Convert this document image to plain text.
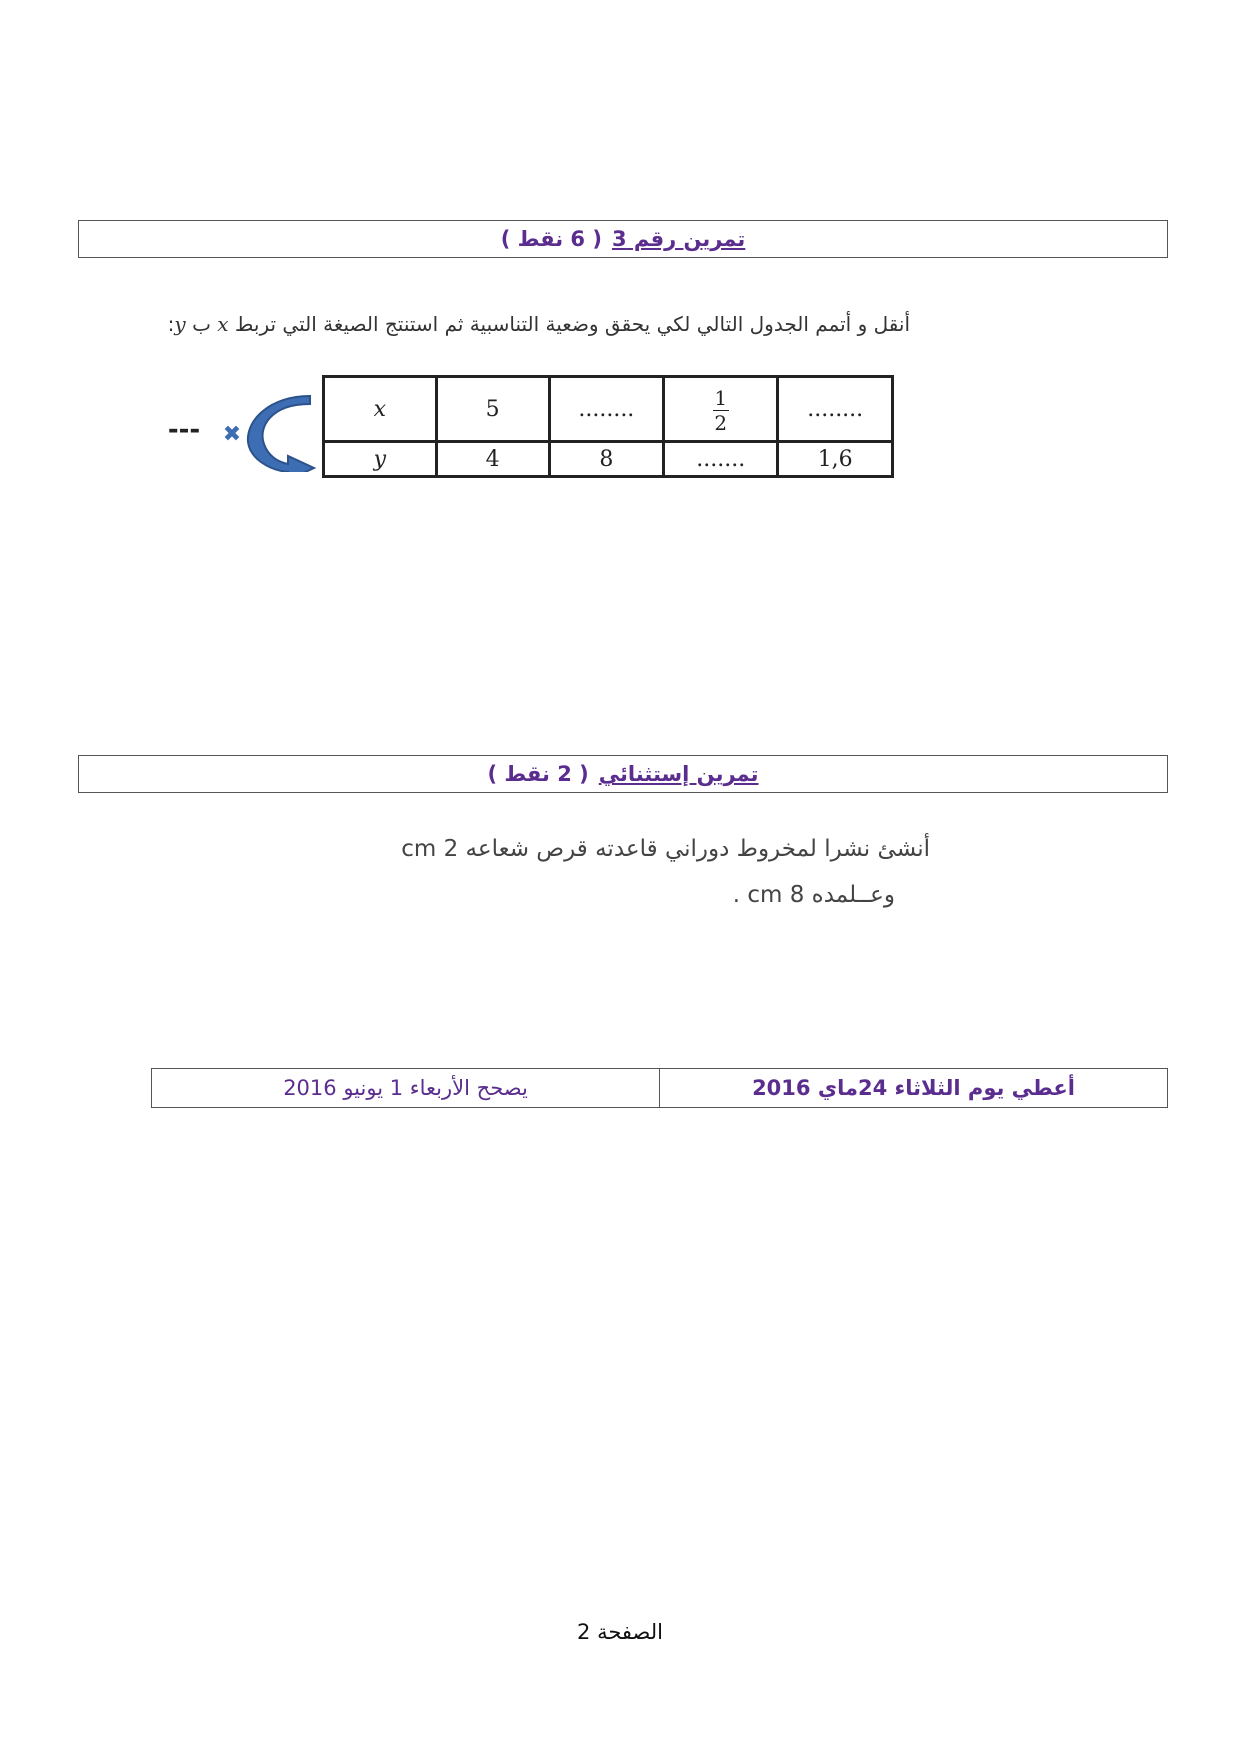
تمرين رقم 3
( 6 نقط )
أنقل و أتمم الجدول التالي لكي يحقق وضعية التناسبية ثم استنتج الصيغة التي تربط x ب y:
✖
---
x	5	........	$\frac{1}{2}$	........
y	4	8	.......	1,6
تمرين إستثنائي
( 2 نقط )
أنشئ نشرا لمخروط دوراني قاعدته قرص شعاعه 2 cm
وعــلمده 8 cm .
أعطي يوم الثلاثاء 24ماي 2016	يصحح الأربعاء 1 يونيو 2016
الصفحة 2
